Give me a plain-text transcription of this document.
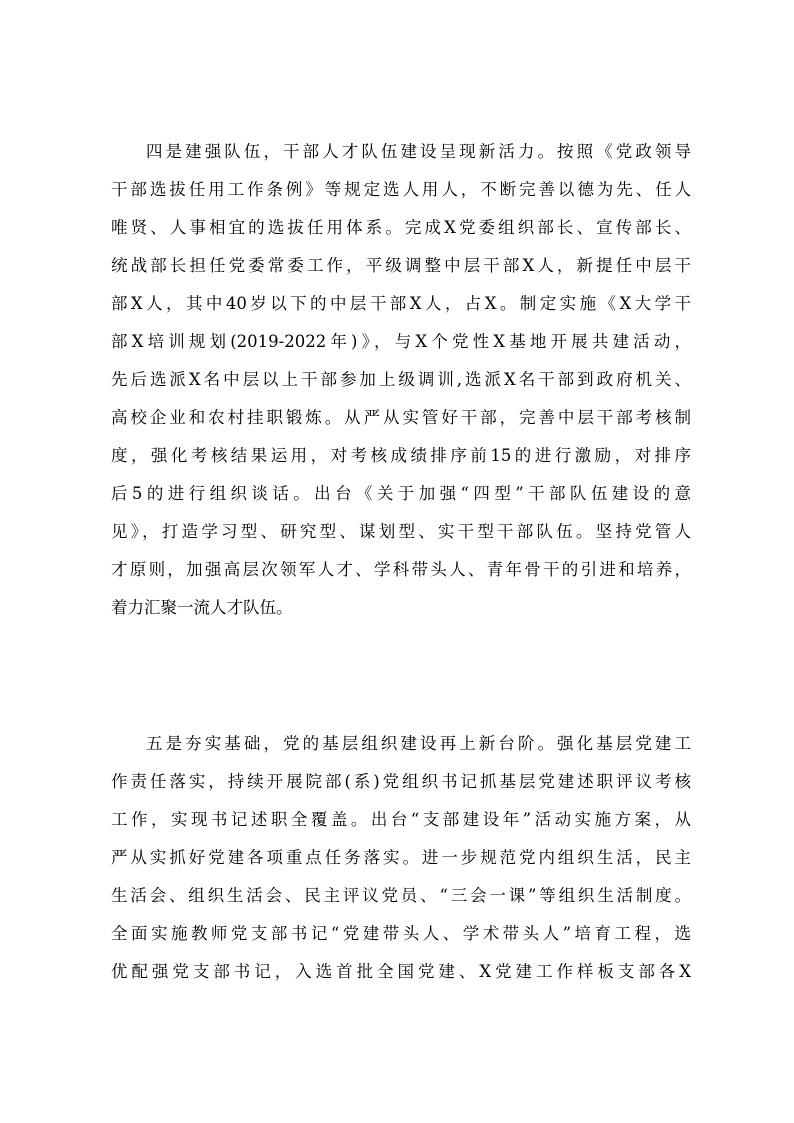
四是建强队伍，干部人才队伍建设呈现新活力。按照《党政领导
干部选拔任用工作条例》等规定选人用人，不断完善以德为先、任人
唯贤、人事相宜的选拔任用体系。完成X党委组织部长、宣传部长、
统战部长担任党委常委工作，平级调整中层干部X人，新提任中层干
部X人，其中40岁以下的中层干部X人，占X。制定实施《X大学干
部X培训规划(2019-2022年)》，与X个党性X基地开展共建活动，
先后选派X名中层以上干部参加上级调训,选派X名干部到政府机关、
高校企业和农村挂职锻炼。从严从实管好干部，完善中层干部考核制
度，强化考核结果运用，对考核成绩排序前15的进行激励，对排序
后5的进行组织谈话。出台《关于加强“四型”干部队伍建设的意
见》，打造学习型、研究型、谋划型、实干型干部队伍。坚持党管人
才原则，加强高层次领军人才、学科带头人、青年骨干的引进和培养，
着力汇聚一流人才队伍。
五是夯实基础，党的基层组织建设再上新台阶。强化基层党建工
作责任落实，持续开展院部(系)党组织书记抓基层党建述职评议考核
工作，实现书记述职全覆盖。出台“支部建设年”活动实施方案，从
严从实抓好党建各项重点任务落实。进一步规范党内组织生活，民主
生活会、组织生活会、民主评议党员、“三会一课”等组织生活制度。
全面实施教师党支部书记“党建带头人、学术带头人”培育工程，选
优配强党支部书记，入选首批全国党建、X党建工作样板支部各X
